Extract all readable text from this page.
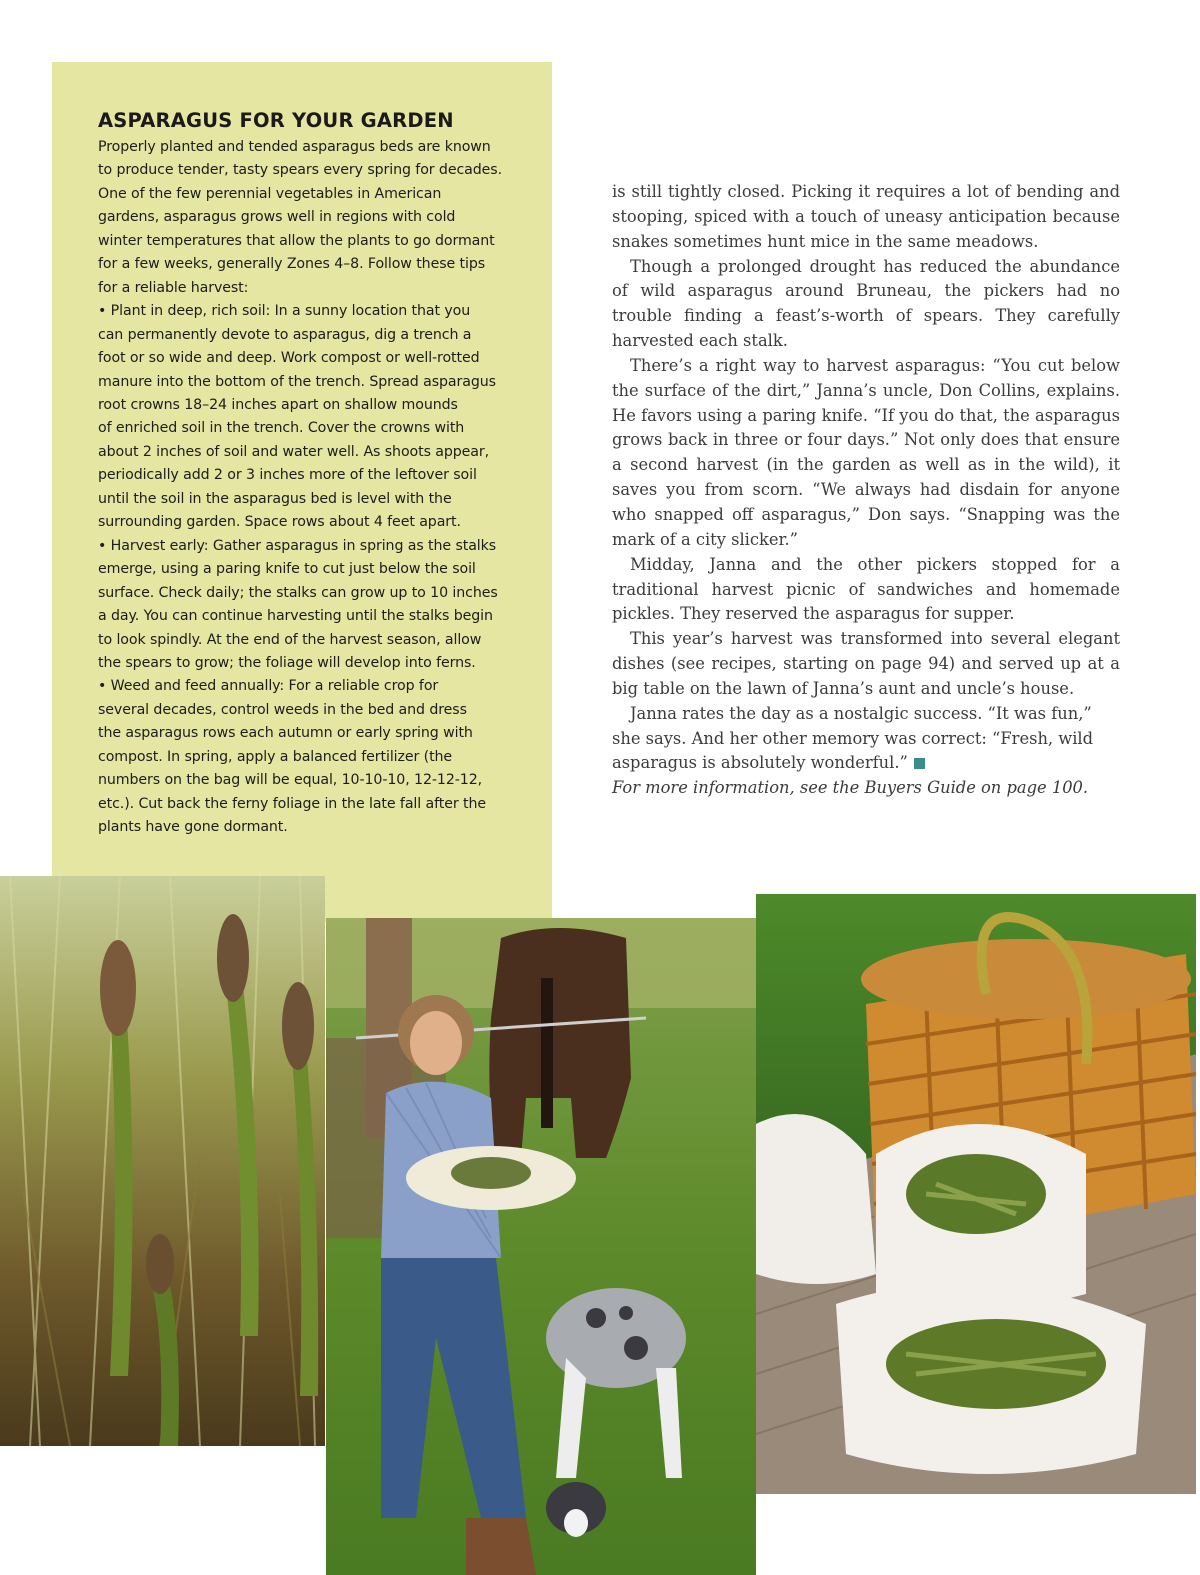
ASPARAGUS FOR YOUR GARDEN

Properly planted and tended asparagus beds are known

to produce tender, tasty spears every spring for decades.

One of the few perennial vegetables in American

gardens, asparagus grows well in regions with cold

winter temperatures that allow the plants to go dormant

for a few weeks, generally Zones 4–8. Follow these tips

for a reliable harvest:

• Plant in deep, rich soil: In a sunny location that you

can permanently devote to asparagus, dig a trench a

foot or so wide and deep. Work compost or well-rotted

manure into the bottom of the trench. Spread asparagus

root crowns 18–24 inches apart on shallow mounds

of enriched soil in the trench. Cover the crowns with

about 2 inches of soil and water well. As shoots appear,

periodically add 2 or 3 inches more of the leftover soil

until the soil in the asparagus bed is level with the

surrounding garden. Space rows about 4 feet apart.

• Harvest early: Gather asparagus in spring as the stalks

emerge, using a paring knife to cut just below the soil

surface. Check daily; the stalks can grow up to 10 inches

a day. You can continue harvesting until the stalks begin

to look spindly. At the end of the harvest season, allow

the spears to grow; the foliage will develop into ferns.

• Weed and feed annually: For a reliable crop for

several decades, control weeds in the bed and dress

the asparagus rows each autumn or early spring with

compost. In spring, apply a balanced fertilizer (the

numbers on the bag will be equal, 10-10-10, 12-12-12,

etc.). Cut back the ferny foliage in the late fall after the

plants have gone dormant.

is still tightly closed. Picking it requires a lot of bending and stooping, spiced with a touch of uneasy anticipation because snakes sometimes hunt mice in the same meadows.

Though a prolonged drought has reduced the abundance of wild asparagus around Bruneau, the pickers had no trouble finding a feast’s-worth of spears. They carefully harvested each stalk.

There’s a right way to harvest asparagus: “You cut below the surface of the dirt,” Janna’s uncle, Don Collins, explains. He favors using a paring knife. “If you do that, the asparagus grows back in three or four days.” Not only does that ensure a second harvest (in the garden as well as in the wild), it saves you from scorn. “We always had disdain for anyone who snapped off asparagus,” Don says. “Snapping was the mark of a city slicker.”

Midday, Janna and the other pickers stopped for a traditional harvest picnic of sandwiches and homemade pickles. They reserved the asparagus for supper.

This year’s harvest was transformed into several elegant dishes (see recipes, starting on page 94) and served up at a big table on the lawn of Janna’s aunt and uncle’s house.

Janna rates the day as a nostalgic success. “It was fun,” she says. And her other memory was correct: “Fresh, wild asparagus is absolutely wonderful.”

For more information, see the Buyers Guide on page 100.
